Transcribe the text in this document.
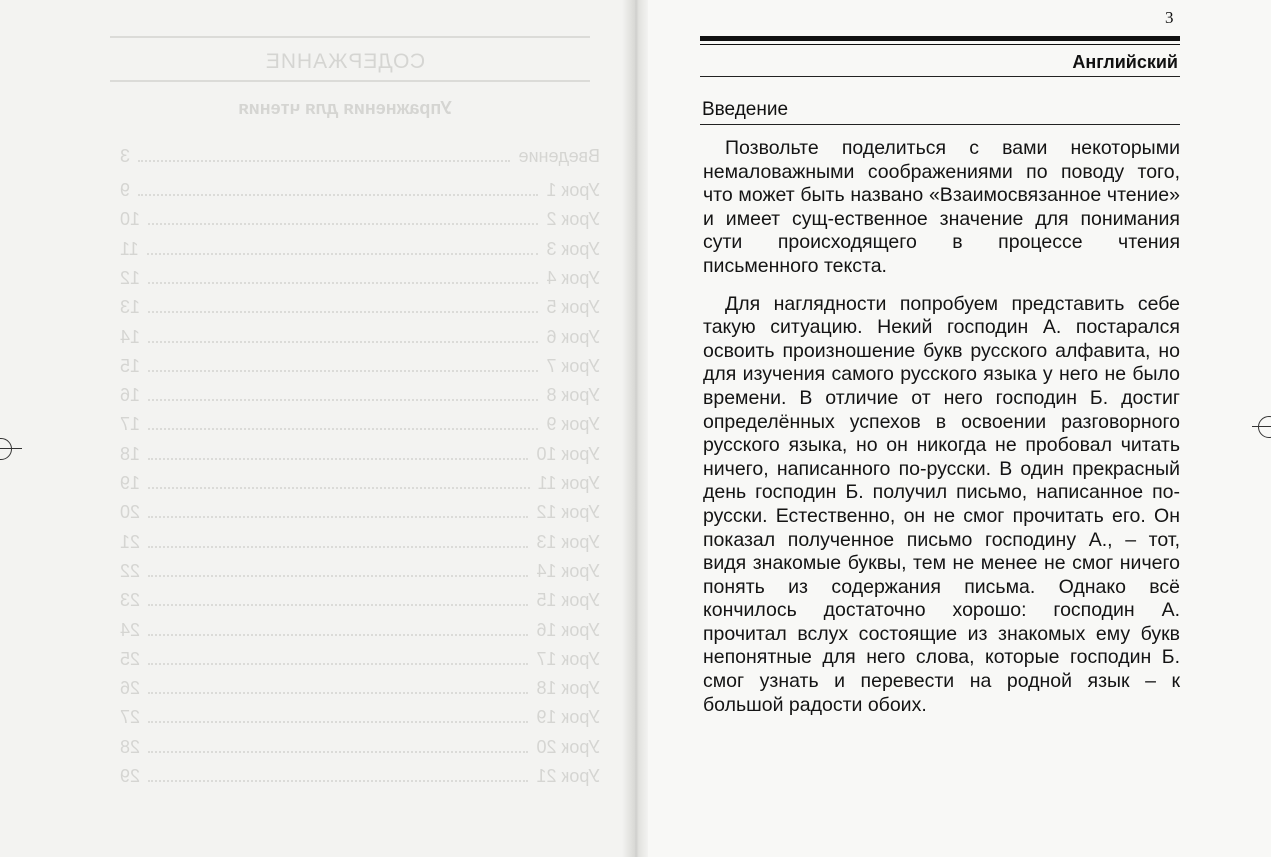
СОДЕРЖАНИЕ
Упражнения для чтения
Введение
3
Урок 1
9
Урок 2
10
Урок 3
11
Урок 4
12
Урок 5
13
Урок 6
14
Урок 7
15
Урок 8
16
Урок 9
17
Урок 10
18
Урок 11
19
Урок 12
20
Урок 13
21
Урок 14
22
Урок 15
23
Урок 16
24
Урок 17
25
Урок 18
26
Урок 19
27
Урок 20
28
Урок 21
29
3
Английский
Введение

Позвольте поделиться с вами некоторыми немаловажными соображениями по поводу того, что может быть названо «Взаимосвязанное чтение» и имеет сущ-ественное значение для понимания сути происходящего в процессе чтения письменного текста.

Для наглядности попробуем представить себе такую ситуацию. Некий господин А. постарался освоить произношение букв русского алфавита, но для изучения самого русского языка у него не было времени. В отличие от него господин Б. достиг определённых успехов в освоении разговорного русского языка, но он никогда не пробовал читать ничего, написанного по-русски. В один прекрасный день господин Б. получил письмо, написанное по-русски. Естественно, он не смог прочитать его. Он показал полученное письмо господину А., – тот, видя знакомые буквы, тем не менее не смог ничего понять из содержания письма. Однако всё кончилось достаточно хорошо: господин А. прочитал вслух состоящие из знакомых ему букв непонятные для него слова, которые господин Б. смог узнать и перевести на родной язык – к большой радости обоих.
